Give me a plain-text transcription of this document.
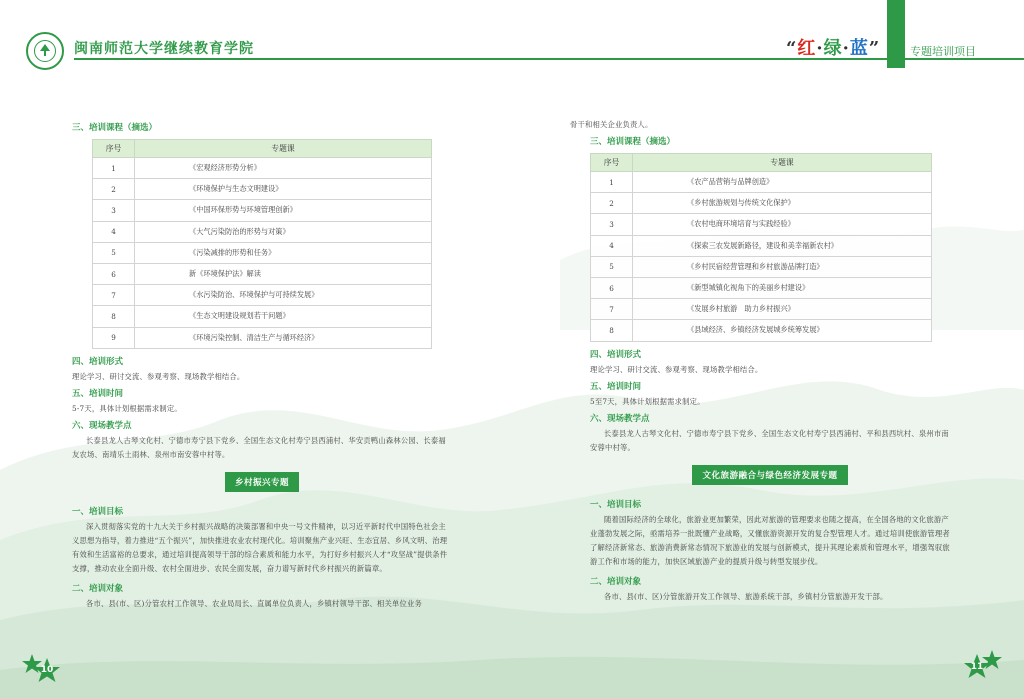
闽南师范大学继续教育学院	“红·绿·蓝”	专题培训项目
三、培训课程（摘选）
序号	专题课
1	《宏观经济形势分析》
2	《环境保护与生态文明建设》
3	《中国环保形势与环境管理创新》
4	《大气污染防治的形势与对策》
5	《污染减排的形势和任务》
6	新《环境保护法》解读
7	《水污染防治、环境保护与可持续发展》
8	《生态文明建设规划若干问题》
9	《环境污染控制、清洁生产与循环经济》
四、培训形式
理论学习、研讨交流、参观考察、现场教学相结合。
五、培训时间
5-7天，具体计划根据需求制定。
六、现场教学点
长泰县龙人古琴文化村、宁德市寿宁县下党乡、全国生态文化村寿宁县西浦村、华安贡鸭山森林公园、长泰福友农场、南靖乐土雨林、泉州市南安蓉中村等。
乡村振兴专题
一、培训目标
深入贯彻落实党的十九大关于乡村振兴战略的决策部署和中央一号文件精神，以习近平新时代中国特色社会主义思想为指导，着力推进“五个振兴”，加快推进农业农村现代化。培训聚焦产业兴旺、生态宜居、乡风文明、治理有效和生活富裕的总要求，通过培训提高领导干部的综合素质和能力水平，为打好乡村振兴人才“攻坚战”提供条件支撑，推动农业全面升级、农村全面进步、农民全面发展，奋力谱写新时代乡村振兴的新篇章。
二、培训对象
各市、县(市、区)分管农村工作领导、农业局局长、直属单位负责人，乡镇村领导干部、相关单位业务
骨干和相关企业负责人。
三、培训课程（摘选）
序号	专题课
1	《农产品营销与品牌创造》
2	《乡村旅游规划与传统文化保护》
3	《农村电商环境培育与实践经验》
4	《探索三农发展新路径，建设和美幸福新农村》
5	《乡村民宿经营管理和乡村旅游品牌打造》
6	《新型城镇化视角下的美丽乡村建设》
7	《发展乡村旅游　助力乡村振兴》
8	《县域经济、乡镇经济发展城乡统筹发展》
四、培训形式
理论学习、研讨交流、参观考察、现场教学相结合。
五、培训时间
5至7天，具体计划根据需求制定。
六、现场教学点
长泰县龙人古琴文化村、宁德市寿宁县下党乡、全国生态文化村寿宁县西浦村、平和县西坑村、泉州市南安蓉中村等。
文化旅游融合与绿色经济发展专题
一、培训目标
随着国际经济的全球化，旅游业更加繁荣，因此对旅游的管理要求也随之提高，在全国各地的文化旅游产业蓬勃发展之际，亟需培养一批既懂产业战略，又懂旅游资源开发的复合型管理人才。通过培训使旅游管理者了解经济新常态、旅游消费新常态情况下旅游业的发展与创新模式，提升其理论素质和管理水平，增强驾驭旅游工作和市场的能力，加快区域旅游产业的提质升级与转型发展步伐。
二、培训对象
各市、县(市、区)分管旅游开发工作领导、旅游系统干部，乡镇村分管旅游开发干部。
10	11
